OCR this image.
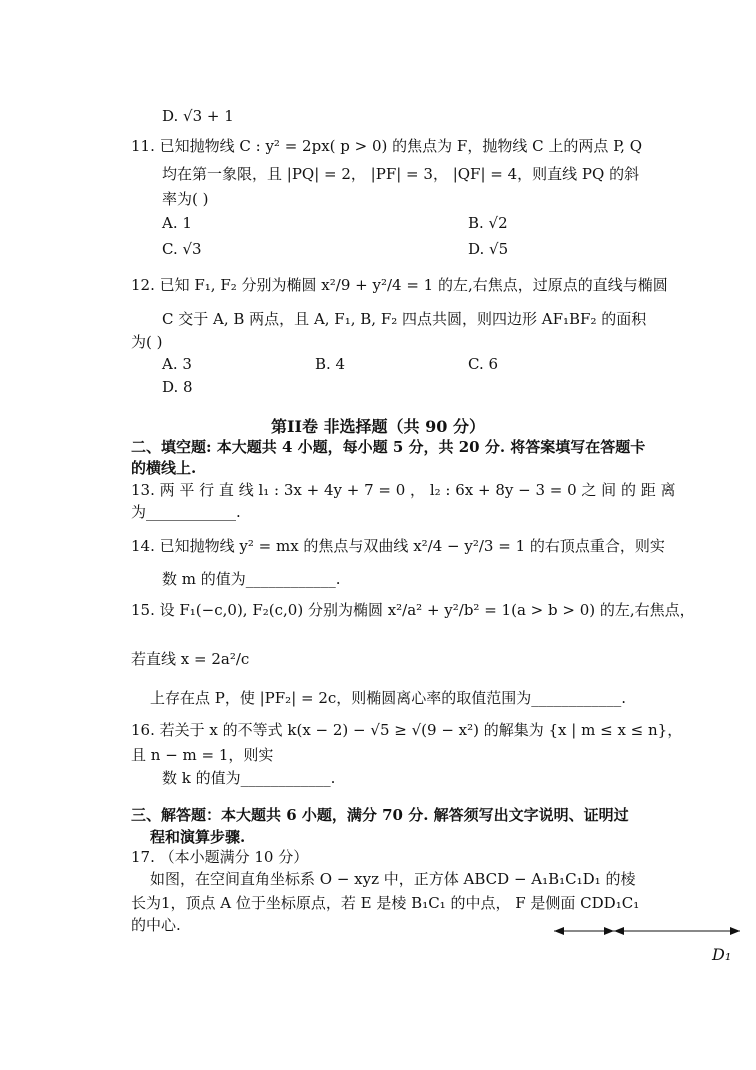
D. √3 + 1
11. 已知抛物线 C : y² = 2px( p > 0) 的焦点为 F，抛物线 C 上的两点 P, Q
均在第一象限，且 |PQ| = 2， |PF| = 3， |QF| = 4，则直线 PQ 的斜
率为( )
A. 1	B. √2
C. √3	D. √5
12. 已知 F₁, F₂ 分别为椭圆 x²/9 + y²/4 = 1 的左,右焦点，过原点的直线与椭圆
C 交于 A, B 两点，且 A, F₁, B, F₂ 四点共圆，则四边形 AF₁BF₂ 的面积
为( )
A. 3	B. 4	C. 6
D. 8
第II卷 非选择题（共 90 分）
二、填空题: 本大题共 4 小题，每小题 5 分，共 20 分. 将答案填写在答题卡
的横线上.
13. 两 平 行 直 线 l₁ : 3x + 4y + 7 = 0 ， l₂ : 6x + 8y − 3 = 0 之 间 的 距 离
为____________.
14. 已知抛物线 y² = mx 的焦点与双曲线 x²/4 − y²/3 = 1 的右顶点重合，则实
数 m 的值为____________.
15. 设 F₁(−c,0), F₂(c,0) 分别为椭圆 x²/a² + y²/b² = 1(a > b > 0) 的左,右焦点，
若直线 x = 2a²/c
上存在点 P，使 |PF₂| = 2c，则椭圆离心率的取值范围为____________.
16. 若关于 x 的不等式 k(x − 2) − √5 ≥ √(9 − x²) 的解集为 {x | m ≤ x ≤ n}，
且 n − m = 1，则实
数 k 的值为____________.
三、解答题：本大题共 6 小题，满分 70 分. 解答须写出文字说明、证明过
程和演算步骤.
17. （本小题满分 10 分）
如图，在空间直角坐标系 O − xyz 中，正方体 ABCD − A₁B₁C₁D₁ 的棱
长为1，顶点 A 位于坐标原点，若 E 是棱 B₁C₁ 的中点， F 是侧面 CDD₁C₁
的中心.
D₁
